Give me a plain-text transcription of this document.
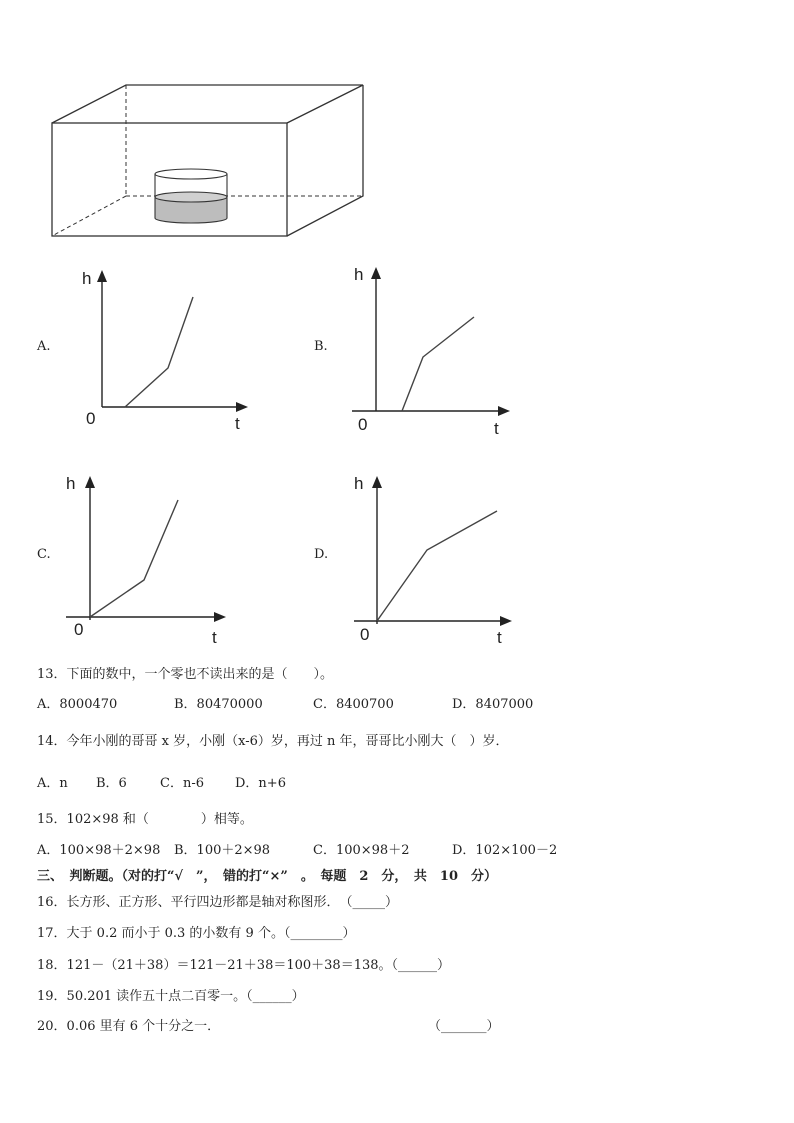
A.
h
0	t
B.
h
0	t
C.
h
0	t
D.
h
0	t
13．下面的数中，一个零也不读出来的是（　　）。
A．8000470	B．80470000	C．8400700	D．8407000
14．今年小刚的哥哥 x 岁，小刚（x-6）岁，再过 n 年，哥哥比小刚大（　）岁．
A．n B．6	C．n-6 D．n+6
15．102×98 和（　　　　）相等。
A．100×98＋2×98 B．100＋2×98	C．100×98＋2	D．102×100－2
三、　判断题。（对的打“√　”，　错的打“×”　。　每题　2　分，　共　10　分）
16．长方形、正方形、平行四边形都是轴对称图形．　（_____）
17．大于 0.2 而小于 0.3 的小数有 9 个。（________）
18．121－（21＋38）＝121－21＋38＝100＋38＝138。（______）
19．50.201 读作五十点二百零一。（______）
20．0.06 里有 6 个十分之一．	（_______）
